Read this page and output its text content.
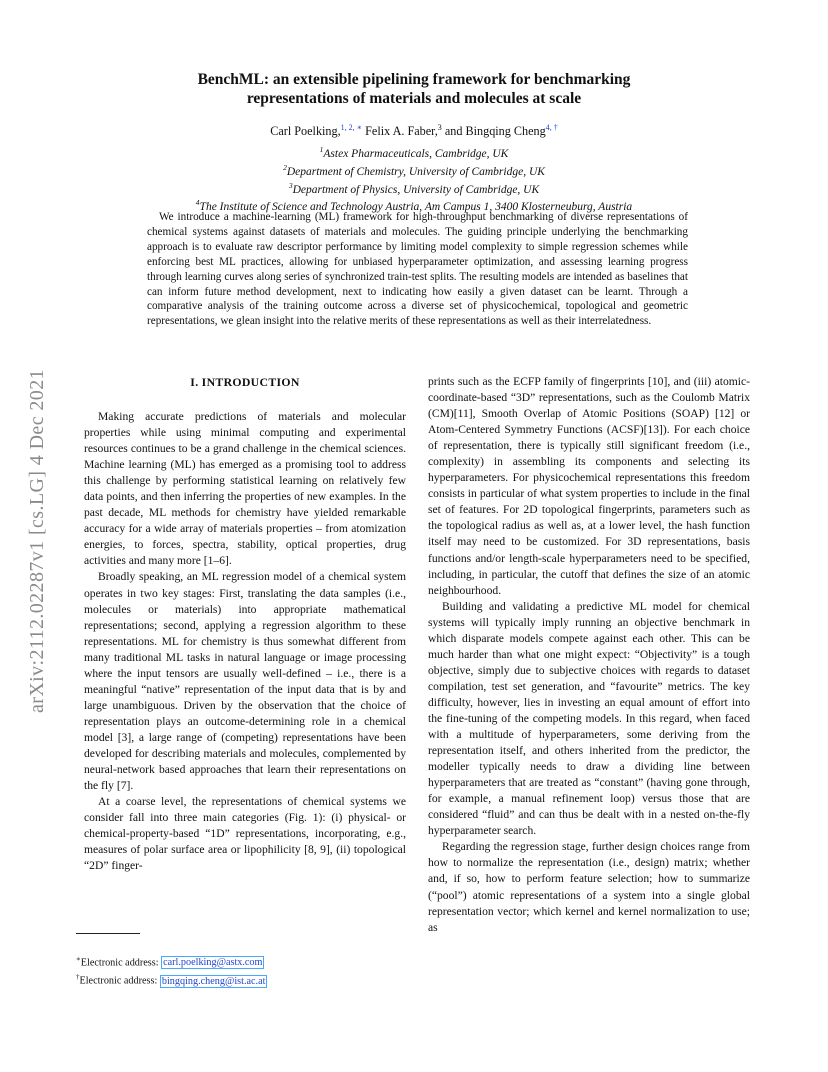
BenchML: an extensible pipelining framework for benchmarking
representations of materials and molecules at scale
Carl Poelking,$^{1, 2, ∗}$ Felix A. Faber,$^3$ and Bingqing Cheng$^{4, \dagger}$
$^1$Astex Pharmaceuticals, Cambridge, UK
$^2$Department of Chemistry, University of Cambridge, UK
$^3$Department of Physics, University of Cambridge, UK
$^4$The Institute of Science and Technology Austria, Am Campus 1, 3400 Klosterneuburg, Austria

We introduce a machine-learning (ML) framework for high-throughput benchmarking of diverse representations of chemical systems against datasets of materials and molecules. The guiding principle underlying the benchmarking approach is to evaluate raw descriptor performance by limiting model complexity to simple regression schemes while enforcing best ML practices, allowing for unbiased hyperparameter optimization, and assessing learning progress through learning curves along series of synchronized train-test splits. The resulting models are intended as baselines that can inform future method development, next to indicating how easily a given dataset can be learnt. Through a comparative analysis of the training outcome across a diverse set of physicochemical, topological and geometric representations, we glean insight into the relative merits of these representations as well as their interrelatedness.

arXiv:2112.02287v1 [cs.LG] 4 Dec 2021	I. INTRODUCTION

Making accurate predictions of materials and molecular properties while using minimal computing and experimental resources continues to be a grand challenge in the chemical sciences. Machine learning (ML) has emerged as a promising tool to address this challenge by performing statistical learning on relatively few data points, and then inferring the properties of new examples. In the past decade, ML methods for chemistry have yielded remarkable accuracy for a wide array of materials properties – from atomization energies, to forces, spectra, stability, optical properties, drug activities and many more [1–6].

Broadly speaking, an ML regression model of a chemical system operates in two key stages: First, translating the data samples (i.e., molecules or materials) into appropriate mathematical representations; second, applying a regression algorithm to these representations. ML for chemistry is thus somewhat different from many traditional ML tasks in natural language or image processing where the input tensors are usually well-defined – i.e., there is a meaningful “native” representation of the input data that is by and large unambiguous. Driven by the observation that the choice of representation plays an outcome-determining role in a chemical model [3], a large range of (competing) representations have been developed for describing materials and molecules, complemented by neural-network based approaches that learn their representations on the fly [7].

At a coarse level, the representations of chemical systems we consider fall into three main categories (Fig. 1): (i) physical- or chemical-property-based “1D” representations, incorporating, e.g., measures of polar surface area or lipophilicity [8, 9], (ii) topological “2D” finger-

prints such as the ECFP family of fingerprints [10], and (iii) atomic-coordinate-based “3D” representations, such as the Coulomb Matrix (CM)[11], Smooth Overlap of Atomic Positions (SOAP) [12] or Atom-Centered Symmetry Functions (ACSF)[13]). For each choice of representation, there is typically still significant freedom (i.e., complexity) in assembling its components and selecting its hyperparameters. For physicochemical representations this freedom consists in particular of what system properties to include in the final set of features. For 2D topological fingerprints, parameters such as the topological radius as well as, at a lower level, the hash function itself may need to be customized. For 3D representations, basis functions and/or length-scale hyperparameters need to be specified, including, in particular, the cutoff that defines the size of an atomic neighbourhood.

Building and validating a predictive ML model for chemical systems will typically imply running an objective benchmark in which disparate models compete against each other. This can be much harder than what one might expect: “Objectivity” is a tough objective, simply due to subjective choices with regards to dataset compilation, test set generation, and “favourite” metrics. The key difficulty, however, lies in investing an equal amount of effort into the fine-tuning of the competing models. In this regard, when faced with a multitude of hyperparameters, some deriving from the representation itself, and others inherited from the predictor, the modeller typically needs to draw a dividing line between hyperparameters that are treated as “constant” (having gone through, for example, a manual refinement loop) versus those that are considered “fluid” and can thus be dealt with in a nested on-the-fly hyperparameter search.

Regarding the regression stage, further design choices range from how to normalize the representation (i.e., design) matrix; whether and, if so, how to perform feature selection; how to summarize (“pool”) atomic representations of a system into a single global representation vector; which kernel and kernel normalization to use; as

∗Electronic address: carl.poelking@astx.com
†Electronic address: bingqing.cheng@ist.ac.at
